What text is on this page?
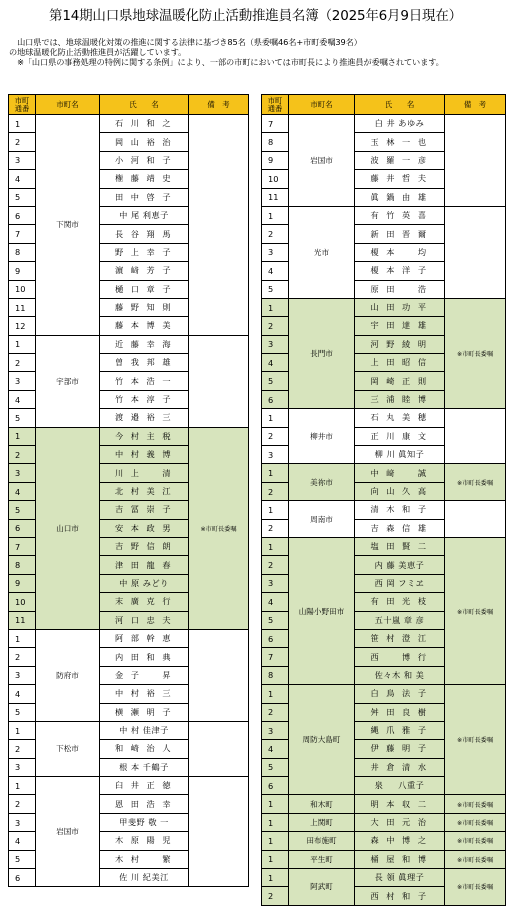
第14期山口県地球温暖化防止活動推進員名簿（2025年6月9日現在）

　山口県では、地球温暖化対策の推進に関する法律に基づき85名（県委嘱46名+市町委嘱39名）

の地球温暖化防止活動推進員が活躍しています。

　※「山口県の事務処理の特例に関する条例」により、一部の市町においては市町長により推進員が委嘱されています。

市町
通番	市町名	氏　　名	備　考
1	下関市	石 川 和 之	
2		岡 山 裕 治	
3		小 河 和 子	
4		権 藤 靖 史	
5		田 中 啓 子	
6		中 尾 利恵子	
7		長 谷 翔 馬	
8		野 上 幸 子	
9		濵 﨑 芳 子	
10		樋 口 章 子	
11		藤 野 知 則	
12		藤 本 博 美	
1	宇部市	近 藤 幸 海	
2		曽 我 邦 雄	
3		竹 本 浩 一	
4		竹 本 淳 子	
5		渡 邉 裕 三	
1	山口市	今 村 主 税	※市町長委嘱
2		中 村 義 博	
3		川 上 　 清	
4		北 村 美 江	
5		吉 冨 崇 子	
6		安 本 政 男	
7		吉 野 信 朗	
8		津 田 龍 春	
9		中 原 みどり	
10		末 廣 克 行	
11		河 口 忠 夫	
1	防府市	阿 部 幹 恵	
2		内 田 和 典	
3		金 子 　 昇	
4		中 村 裕 三	
5		横 瀬 明 子	
1	下松市	中 村 佳津子	
2		和 崎 治 人	
3		根 本 千鶴子	
1	岩国市	臼 井 正 徳	
2		恩 田 浩 幸	
3		甲斐野 敬 一	
4		木 原 陽 児	
5		木 村 　 繁	
6		佐 川 紀美江	
市町
通番	市町名	氏　　名	備　考
7	岩国市	白 井 あゆみ	
8		玉 林 一 也	
9		波 羅 一 彦	
10		藤 井 哲 夫	
11		眞 鍋 由 雄	
1	光市	有 竹 英 喜	
2		新 田 晋 爾	
3		榎 本 　 均	
4		榎 本 洋 子	
5		原 田 　 浩	
1	長門市	山 田 功 平	※市町長委嘱
2		宇 田 達 雄	
3		河 野 綾 明	
4		上 田 昭 信	
5		岡 崎 正 則	
6		三 浦 睦 博	
1	柳井市	石 丸 美 穂	
2		正 川 康 文	
3		柳 川 眞知子	
1	美祢市	中 﨑 　 誠	※市町長委嘱
2		向 山 久 高	
1	周南市	清 木 和 子	
2		吉 森 信 雄	
1	山陽小野田市	塩 田 賢 二	※市町長委嘱
2		内 藤 美恵子	
3		西 岡 フミヱ	
4		有 田 光 枝	
5		五十嵐 章 彦	
6		笹 村 澄 江	
7		西 　 博 行	
8		佐々木 和 美	
1	周防大島町	白 鳥 法 子	※市町長委嘱
2		舛 田 良 樹	
3		縄 爪 雅 子	
4		伊 藤 明 子	
5		井 倉 清 水	
6		泉 　 八重子	
1	和木町	明 本 収 二	※市町長委嘱
1	上関町	大 田 元 治	※市町長委嘱
1	田布施町	森 中 博 之	※市町長委嘱
1	平生町	桶 屋 和 博	※市町長委嘱
1	阿武町	長 領 眞理子	※市町長委嘱
2		西 村 和 子	
